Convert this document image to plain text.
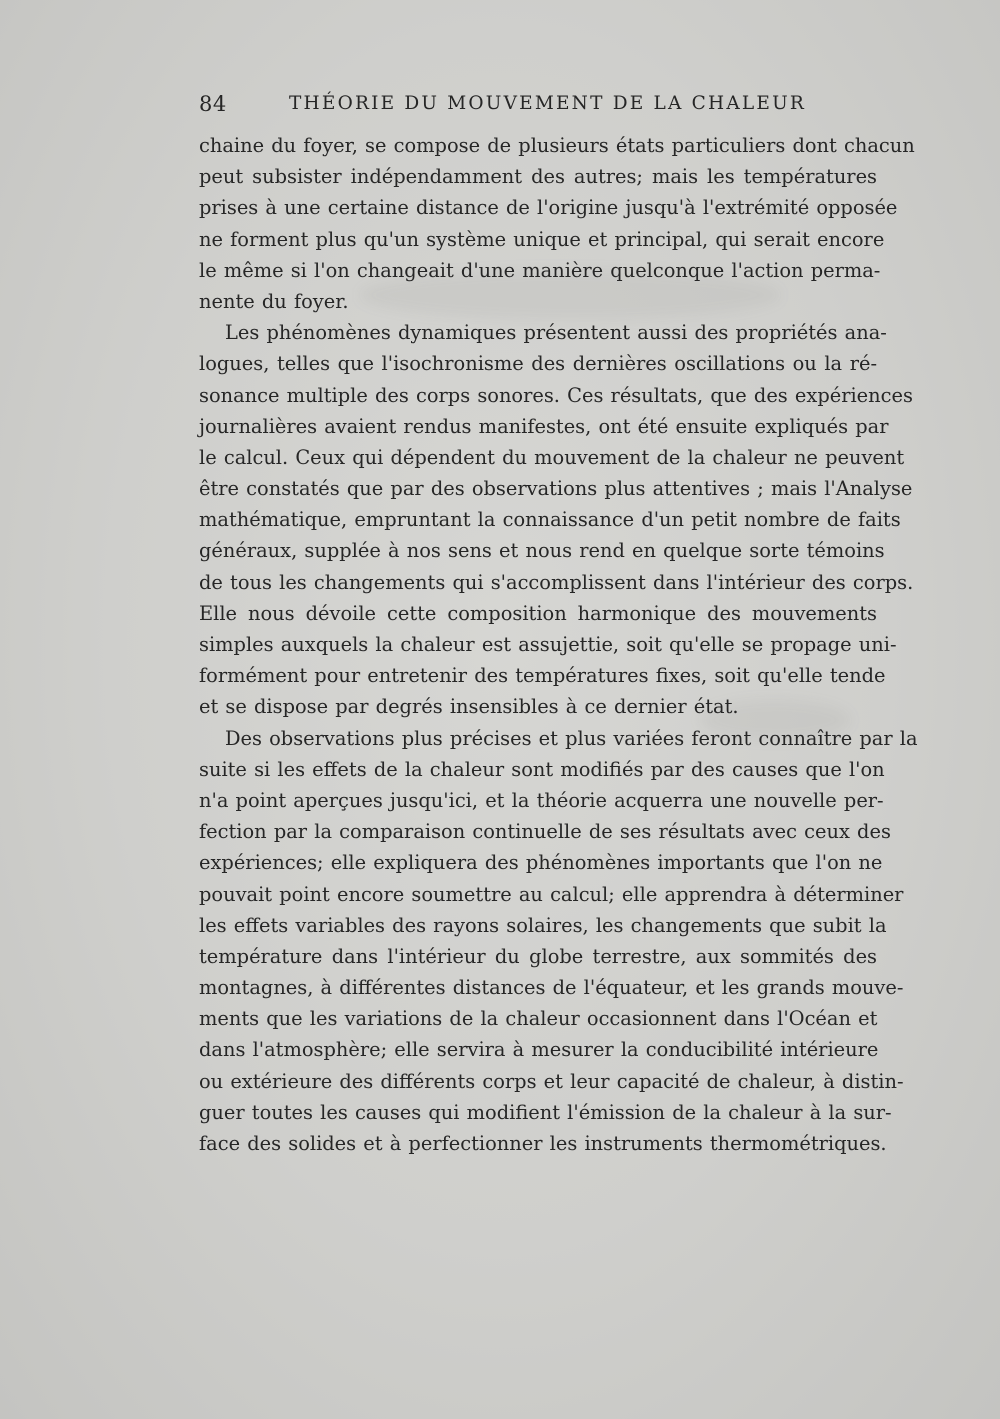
84	THÉORIE DU MOUVEMENT DE LA CHALEUR
chaine du foyer, se compose de plusieurs états particuliers dont chacun
peut subsister indépendamment des autres; mais les températures
prises à une certaine distance de l'origine jusqu'à l'extrémité opposée
ne forment plus qu'un système unique et principal, qui serait encore
le même si l'on changeait d'une manière quelconque l'action perma-
nente du foyer.
Les phénomènes dynamiques présentent aussi des propriétés ana-
logues, telles que l'isochronisme des dernières oscillations ou la ré-
sonance multiple des corps sonores. Ces résultats, que des expériences
journalières avaient rendus manifestes, ont été ensuite expliqués par
le calcul. Ceux qui dépendent du mouvement de la chaleur ne peuvent
être constatés que par des observations plus attentives ; mais l'Analyse
mathématique, empruntant la connaissance d'un petit nombre de faits
généraux, supplée à nos sens et nous rend en quelque sorte témoins
de tous les changements qui s'accomplissent dans l'intérieur des corps.
Elle nous dévoile cette composition harmonique des mouvements
simples auxquels la chaleur est assujettie, soit qu'elle se propage uni-
formément pour entretenir des températures fixes, soit qu'elle tende
et se dispose par degrés insensibles à ce dernier état.
Des observations plus précises et plus variées feront connaître par la
suite si les effets de la chaleur sont modifiés par des causes que l'on
n'a point aperçues jusqu'ici, et la théorie acquerra une nouvelle per-
fection par la comparaison continuelle de ses résultats avec ceux des
expériences; elle expliquera des phénomènes importants que l'on ne
pouvait point encore soumettre au calcul; elle apprendra à déterminer
les effets variables des rayons solaires, les changements que subit la
température dans l'intérieur du globe terrestre, aux sommités des
montagnes, à différentes distances de l'équateur, et les grands mouve-
ments que les variations de la chaleur occasionnent dans l'Océan et
dans l'atmosphère; elle servira à mesurer la conducibilité intérieure
ou extérieure des différents corps et leur capacité de chaleur, à distin-
guer toutes les causes qui modifient l'émission de la chaleur à la sur-
face des solides et à perfectionner les instruments thermométriques.
